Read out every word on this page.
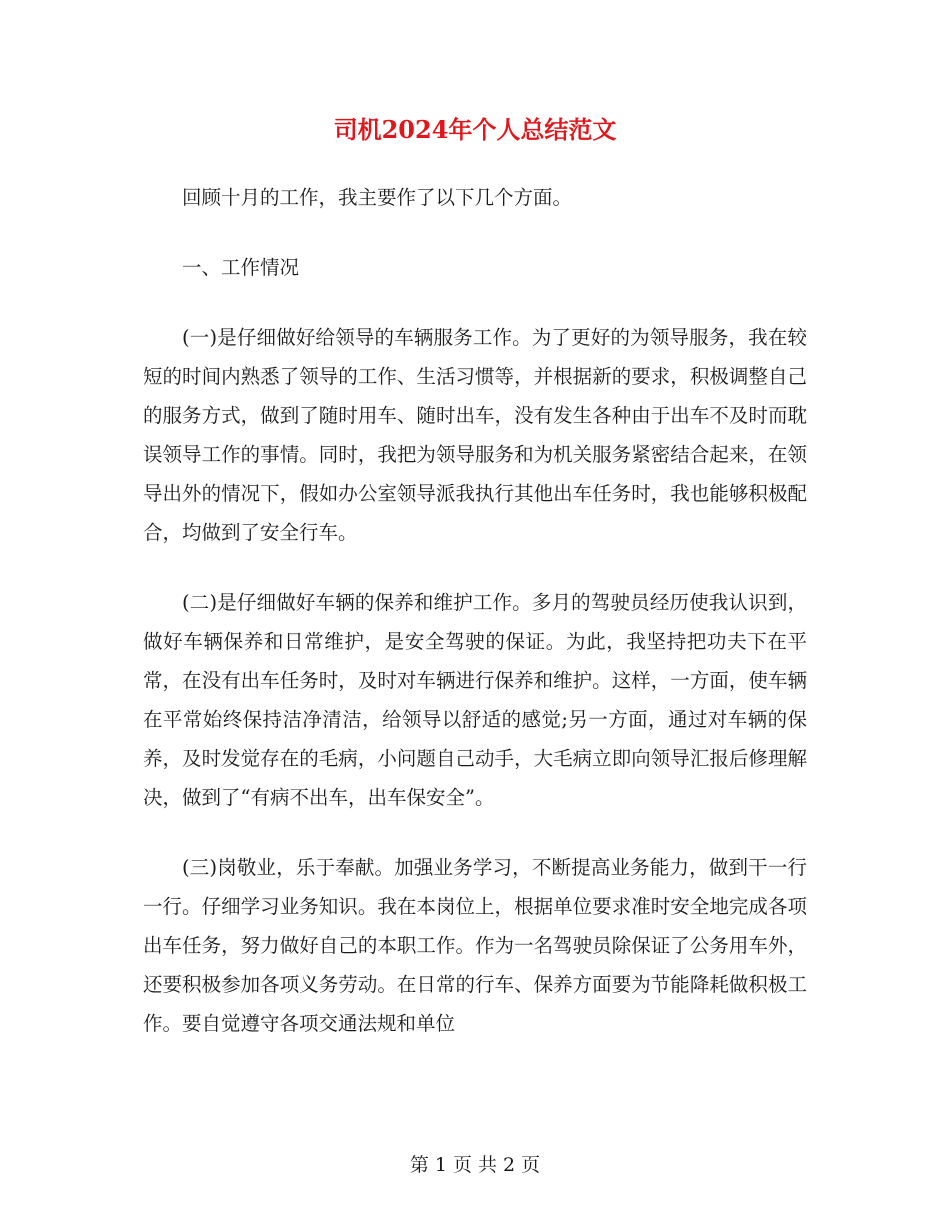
司机2024年个人总结范文

回顾十月的工作，我主要作了以下几个方面。

一、工作情况

(一)是仔细做好给领导的车辆服务工作。为了更好的为领导服务，我在较短的时间内熟悉了领导的工作、生活习惯等，并根据新的要求，积极调整自己的服务方式，做到了随时用车、随时出车，没有发生各种由于出车不及时而耽误领导工作的事情。同时，我把为领导服务和为机关服务紧密结合起来，在领导出外的情况下，假如办公室领导派我执行其他出车任务时，我也能够积极配合，均做到了安全行车。

(二)是仔细做好车辆的保养和维护工作。多月的驾驶员经历使我认识到，做好车辆保养和日常维护，是安全驾驶的保证。为此，我坚持把功夫下在平常，在没有出车任务时，及时对车辆进行保养和维护。这样，一方面，使车辆在平常始终保持洁净清洁，给领导以舒适的感觉;另一方面，通过对车辆的保养，及时发觉存在的毛病，小问题自己动手，大毛病立即向领导汇报后修理解决，做到了“有病不出车，出车保安全”。

(三)岗敬业，乐于奉献。加强业务学习，不断提高业务能力，做到干一行一行。仔细学习业务知识。我在本岗位上，根据单位要求准时安全地完成各项出车任务，努力做好自己的本职工作。作为一名驾驶员除保证了公务用车外，还要积极参加各项义务劳动。在日常的行车、保养方面要为节能降耗做积极工作。要自觉遵守各项交通法规和单位

第 1 页 共 2 页
